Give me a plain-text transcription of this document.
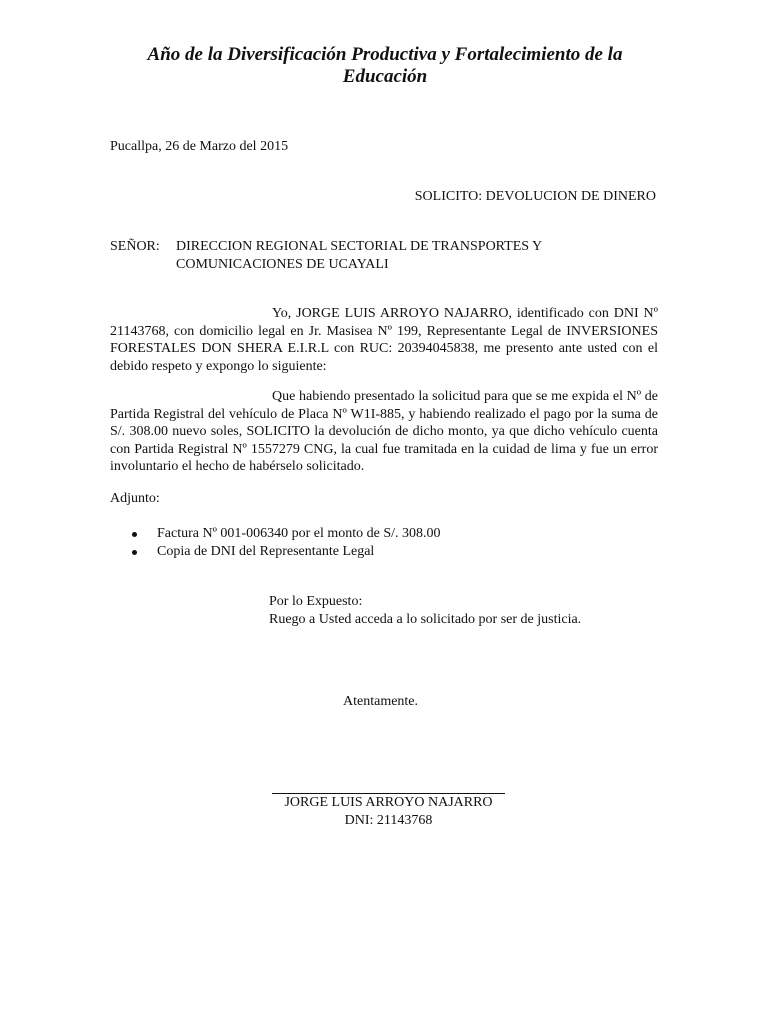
Año de la Diversificación Productiva y Fortalecimiento de la
Educación
Pucallpa, 26 de Marzo del 2015
SOLICITO: DEVOLUCION DE DINERO
SEÑOR: DIRECCION REGIONAL SECTORIAL DE TRANSPORTES Y
COMUNICACIONES DE UCAYALI
Yo, JORGE LUIS ARROYO NAJARRO, identificado con DNI Nº 21143768, con domicilio legal en Jr. Masisea Nº 199, Representante Legal de INVERSIONES FORESTALES DON SHERA E.I.R.L con RUC: 20394045838, me presento ante usted con el debido respeto y expongo lo siguiente:
Que habiendo presentado la solicitud para que se me expida el Nº de Partida Registral del vehículo de Placa Nº W1I-885, y habiendo realizado el pago por la suma de S/. 308.00 nuevo soles, SOLICITO la devolución de dicho monto, ya que dicho vehículo cuenta con Partida Registral Nº 1557279 CNG, la cual fue tramitada en la cuidad de lima y fue un error involuntario el hecho de habérselo solicitado.
Adjunto:
Factura Nº 001-006340 por el monto de S/. 308.00
Copia de DNI del Representante Legal
Por lo Expuesto:
Ruego a Usted acceda a lo solicitado por ser de justicia.
Atentamente.
JORGE LUIS ARROYO NAJARRO
DNI: 21143768
